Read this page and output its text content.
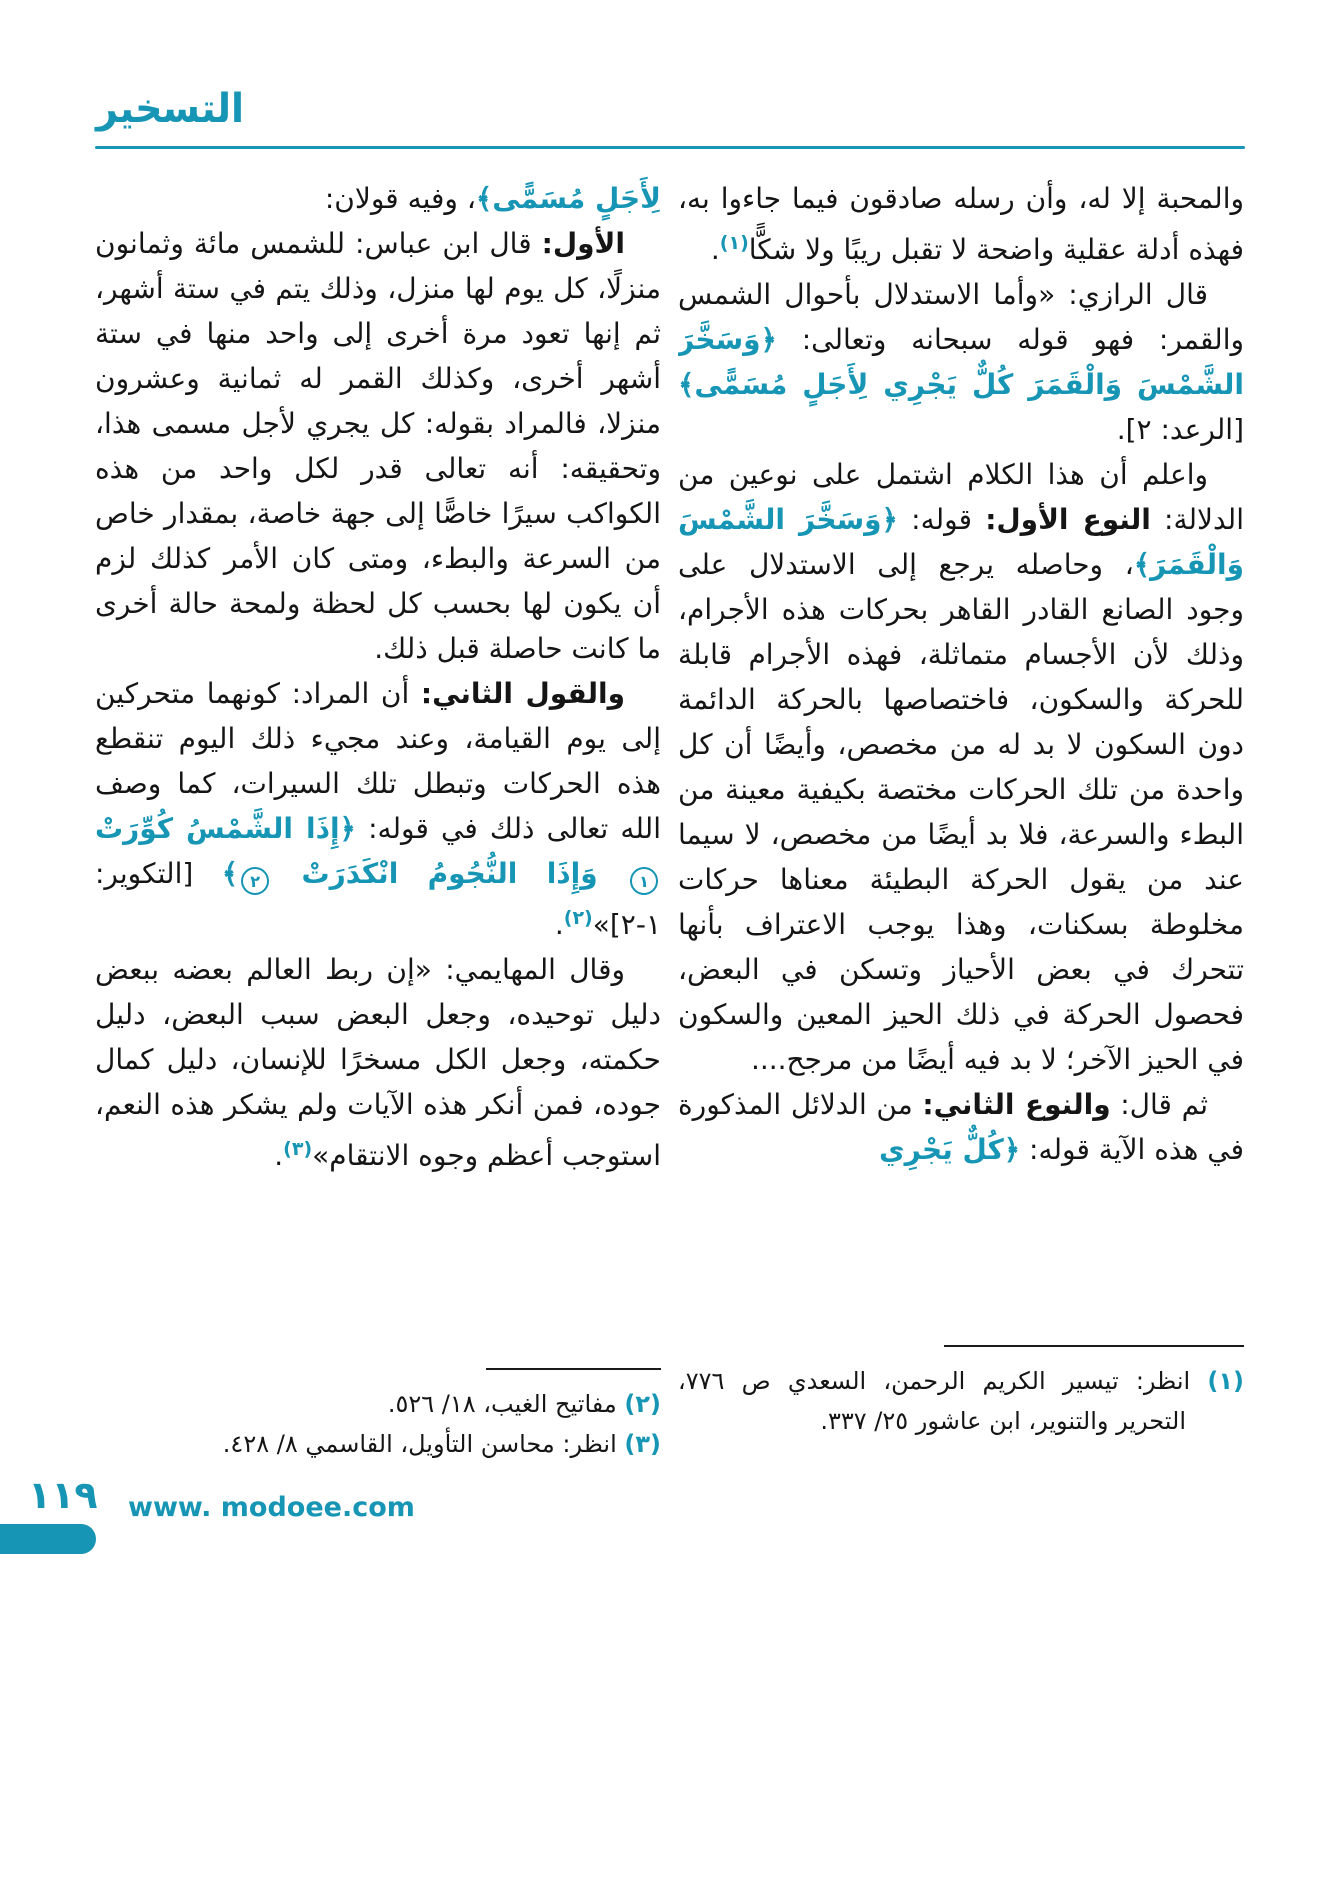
التسخير

والمحبة إلا له، وأن رسله صادقون فيما جاءوا به، فهذه أدلة عقلية واضحة لا تقبل ريبًا ولا شكًّا$^{(١)}$.

قال الرازي: «وأما الاستدلال بأحوال الشمس والقمر: فهو قوله سبحانه وتعالى: ﴿وَسَخَّرَ الشَّمْسَ وَالْقَمَرَ كُلٌّ يَجْرِي لِأَجَلٍ مُسَمًّى﴾ [الرعد: ٢].

واعلم أن هذا الكلام اشتمل على نوعين من الدلالة: النوع الأول: قوله: ﴿وَسَخَّرَ الشَّمْسَ وَالْقَمَرَ﴾، وحاصله يرجع إلى الاستدلال على وجود الصانع القادر القاهر بحركات هذه الأجرام، وذلك لأن الأجسام متماثلة، فهذه الأجرام قابلة للحركة والسكون، فاختصاصها بالحركة الدائمة دون السكون لا بد له من مخصص، وأيضًا أن كل واحدة من تلك الحركات مختصة بكيفية معينة من البطء والسرعة، فلا بد أيضًا من مخصص، لا سيما عند من يقول الحركة البطيئة معناها حركات مخلوطة بسكنات، وهذا يوجب الاعتراف بأنها تتحرك في بعض الأحياز وتسكن في البعض، فحصول الحركة في ذلك الحيز المعين والسكون في الحيز الآخر؛ لا بد فيه أيضًا من مرجح....

ثم قال: والنوع الثاني: من الدلائل المذكورة في هذه الآية قوله: ﴿كُلٌّ يَجْرِي

لِأَجَلٍ مُسَمًّى﴾، وفيه قولان:

الأول: قال ابن عباس: للشمس مائة وثمانون منزلًا، كل يوم لها منزل، وذلك يتم في ستة أشهر، ثم إنها تعود مرة أخرى إلى واحد منها في ستة أشهر أخرى، وكذلك القمر له ثمانية وعشرون منزلا، فالمراد بقوله: كل يجري لأجل مسمى هذا، وتحقيقه: أنه تعالى قدر لكل واحد من هذه الكواكب سيرًا خاصًّا إلى جهة خاصة، بمقدار خاص من السرعة والبطء، ومتى كان الأمر كذلك لزم أن يكون لها بحسب كل لحظة ولمحة حالة أخرى ما كانت حاصلة قبل ذلك.

والقول الثاني: أن المراد: كونهما متحركين إلى يوم القيامة، وعند مجيء ذلك اليوم تنقطع هذه الحركات وتبطل تلك السيرات، كما وصف الله تعالى ذلك في قوله: ﴿إِذَا الشَّمْسُ كُوِّرَتْ ١ وَإِذَا النُّجُومُ انْكَدَرَتْ ٢﴾ [التكوير: ١-٢]»$^{(٢)}$.

وقال المهايمي: «إن ربط العالم بعضه ببعض دليل توحيده، وجعل البعض سبب البعض، دليل حكمته، وجعل الكل مسخرًا للإنسان، دليل كمال جوده، فمن أنكر هذه الآيات ولم يشكر هذه النعم، استوجب أعظم وجوه الانتقام»$^{(٣)}$.

(١) انظر: تيسير الكريم الرحمن، السعدي ص ٧٧٦، التحرير والتنوير، ابن عاشور ٢٥/ ٣٣٧.
(٢) مفاتيح الغيب، ١٨/ ٥٢٦.
(٣) انظر: محاسن التأويل، القاسمي ٨/ ٤٢٨.
١١٩ www. modoee.com
